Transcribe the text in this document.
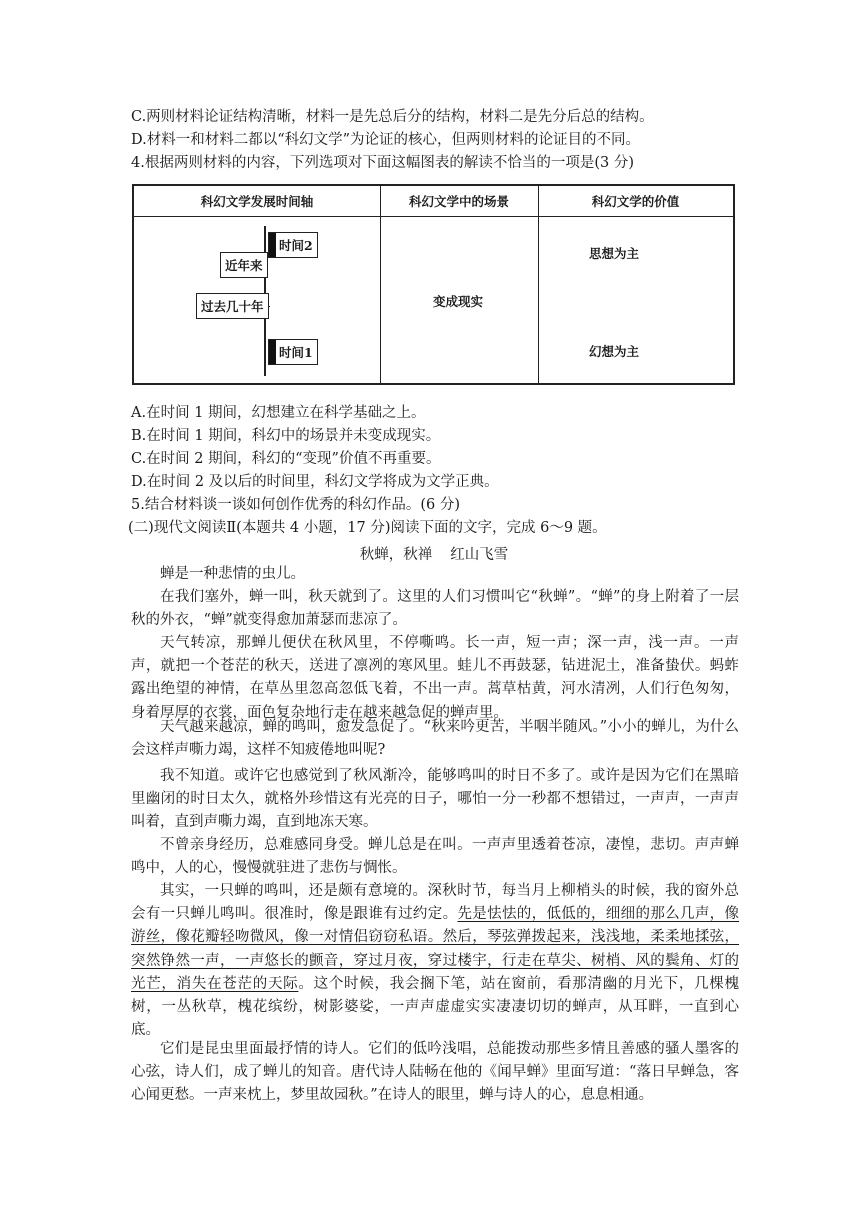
C.两则材料论证结构清晰，材料一是先总后分的结构，材料二是先分后总的结构。
D.材料一和材料二都以“科幻文学”为论证的核心，但两则材料的论证目的不同。
4.根据两则材料的内容，下列选项对下面这幅图表的解读不恰当的一项是(3 分)
科幻文学发展时间轴	科幻文学中的场景	科幻文学的价值
时间2
近年来
过去几十年
时间1
变成现实
思想为主
幻想为主
A.在时间 1 期间，幻想建立在科学基础之上。
B.在时间 1 期间，科幻中的场景并未变成现实。
C.在时间 2 期间，科幻的“变现”价值不再重要。
D.在时间 2 及以后的时间里，科幻文学将成为文学正典。
5.结合材料谈一谈如何创作优秀的科幻作品。(6 分)
(二)现代文阅读Ⅱ(本题共 4 小题，17 分)阅读下面的文字，完成 6～9 题。
秋蝉，秋禅 红山飞雪
蝉是一种悲情的虫儿。
在我们塞外，蝉一叫，秋天就到了。这里的人们习惯叫它“秋蝉”。“蝉”的身上附着了一层秋的外衣，“蝉”就变得愈加萧瑟而悲凉了。
天气转凉，那蝉儿便伏在秋风里，不停嘶鸣。长一声，短一声；深一声，浅一声。一声声，就把一个苍茫的秋天，送进了凛冽的寒风里。蛙儿不再鼓瑟，钻进泥土，准备蛰伏。蚂蚱露出绝望的神情，在草丛里忽高忽低飞着，不出一声。蒿草枯黄，河水清冽，人们行色匆匆，身着厚厚的衣裳，面色复杂地行走在越来越急促的蝉声里。
天气越来越凉，蝉的鸣叫，愈发急促了。“秋来吟更苦，半咽半随风。”小小的蝉儿，为什么会这样声嘶力竭，这样不知疲倦地叫呢?
我不知道。或许它也感觉到了秋风渐冷，能够鸣叫的时日不多了。或许是因为它们在黑暗里幽闭的时日太久，就格外珍惜这有光亮的日子，哪怕一分一秒都不想错过，一声声，一声声叫着，直到声嘶力竭，直到地冻天寒。
不曾亲身经历，总难感同身受。蝉儿总是在叫。一声声里透着苍凉，凄惶，悲切。声声蝉鸣中，人的心，慢慢就驻进了悲伤与惆怅。
其实，一只蝉的鸣叫，还是颇有意境的。深秋时节，每当月上柳梢头的时候，我的窗外总会有一只蝉儿鸣叫。很准时，像是跟谁有过约定。先是怯怯的，低低的，细细的那么几声，像游丝，像花瓣轻吻微风，像一对情侣窃窃私语。然后，琴弦弹拨起来，浅浅地，柔柔地揉弦，突然铮然一声，一声悠长的颤音，穿过月夜，穿过楼宇，行走在草尖、树梢、风的鬓角、灯的光芒，消失在苍茫的天际。这个时候，我会搁下笔，站在窗前，看那清幽的月光下，几棵槐树，一丛秋草，槐花缤纷，树影婆娑，一声声虚虚实实凄凄切切的蝉声，从耳畔，一直到心底。
它们是昆虫里面最抒情的诗人。它们的低吟浅唱，总能拨动那些多情且善感的骚人墨客的心弦，诗人们，成了蝉儿的知音。唐代诗人陆畅在他的《闻早蝉》里面写道：“落日早蝉急，客心闻更愁。一声来枕上，梦里故园秋。”在诗人的眼里，蝉与诗人的心，息息相通。
